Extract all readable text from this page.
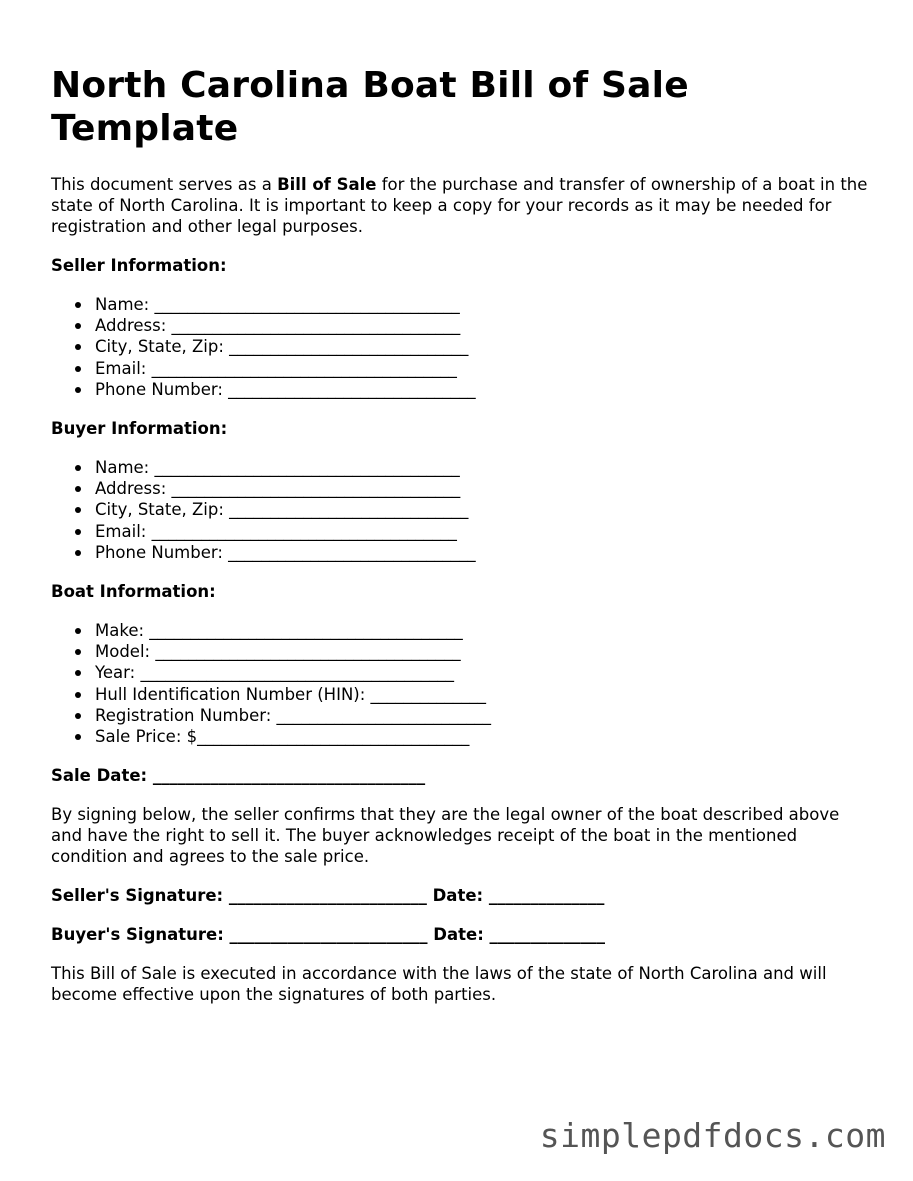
North Carolina Boat Bill of Sale Template

This document serves as a Bill of Sale for the purchase and transfer of ownership of a boat in the state of North Carolina. It is important to keep a copy for your records as it may be needed for registration and other legal purposes.

Seller Information:
Name: _____________________________________
Address: ___________________________________
City, State, Zip: _____________________________
Email: _____________________________________
Phone Number: ______________________________
Buyer Information:
Name: _____________________________________
Address: ___________________________________
City, State, Zip: _____________________________
Email: _____________________________________
Phone Number: ______________________________
Boat Information:
Make: ______________________________________
Model: _____________________________________
Year: ______________________________________
Hull Identification Number (HIN): ______________
Registration Number: __________________________
Sale Price: $_________________________________
Sale Date: _________________________________

By signing below, the seller confirms that they are the legal owner of the boat described above and have the right to sell it. The buyer acknowledges receipt of the boat in the mentioned condition and agrees to the sale price.

Seller's Signature: ________________________ Date: ______________
Buyer's Signature: ________________________ Date: ______________

This Bill of Sale is executed in accordance with the laws of the state of North Carolina and will become effective upon the signatures of both parties.

simplepdfdocs.com
